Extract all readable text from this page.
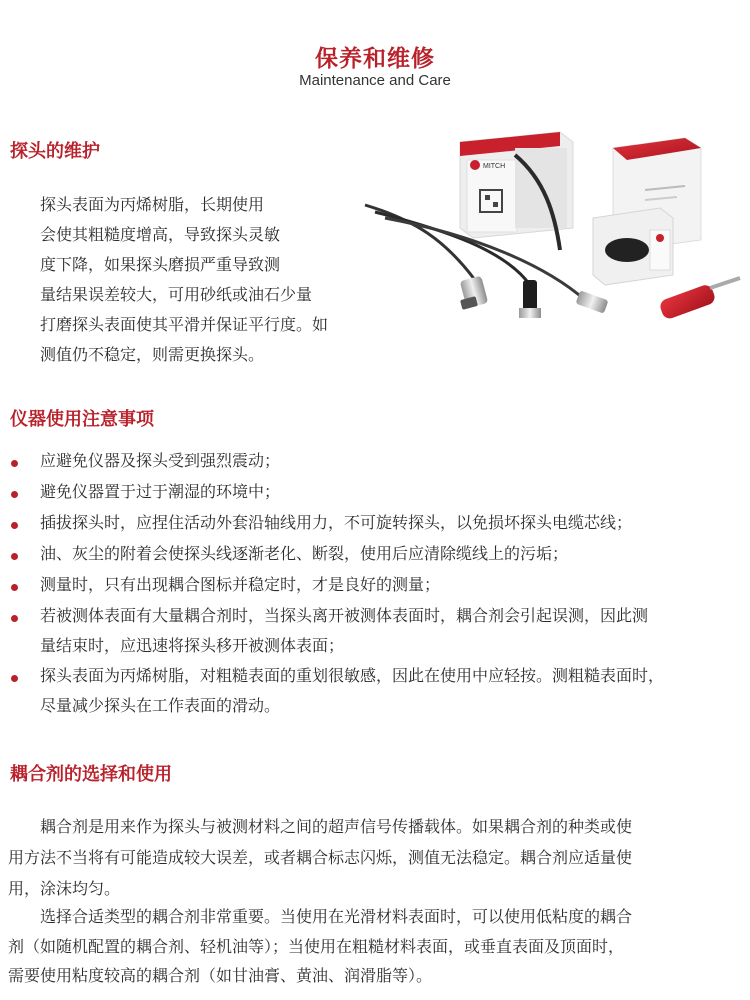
保养和维修
Maintenance and Care
探头的维护
探头表面为丙烯树脂，长期使用
会使其粗糙度增高，导致探头灵敏
度下降，如果探头磨损严重导致测
量结果误差较大，可用砂纸或油石少量
打磨探头表面使其平滑并保证平行度。如
测值仍不稳定，则需更换探头。
MITCH
仪器使用注意事项
应避免仪器及探头受到强烈震动；
避免仪器置于过于潮湿的环境中；
插拔探头时，应捏住活动外套沿轴线用力，不可旋转探头，以免损坏探头电缆芯线；
油、灰尘的附着会使探头线逐渐老化、断裂，使用后应清除缆线上的污垢；
测量时，只有出现耦合图标并稳定时，才是良好的测量；
若被测体表面有大量耦合剂时，当探头离开被测体表面时，耦合剂会引起误测，因此测
量结束时，应迅速将探头移开被测体表面；
探头表面为丙烯树脂，对粗糙表面的重划很敏感，因此在使用中应轻按。测粗糙表面时，
尽量减少探头在工作表面的滑动。
耦合剂的选择和使用
耦合剂是用来作为探头与被测材料之间的超声信号传播载体。如果耦合剂的种类或使
用方法不当将有可能造成较大误差，或者耦合标志闪烁，测值无法稳定。耦合剂应适量使
用，涂沫均匀。
选择合适类型的耦合剂非常重要。当使用在光滑材料表面时，可以使用低粘度的耦合
剂（如随机配置的耦合剂、轻机油等）；当使用在粗糙材料表面，或垂直表面及顶面时，
需要使用粘度较高的耦合剂（如甘油膏、黄油、润滑脂等）。
